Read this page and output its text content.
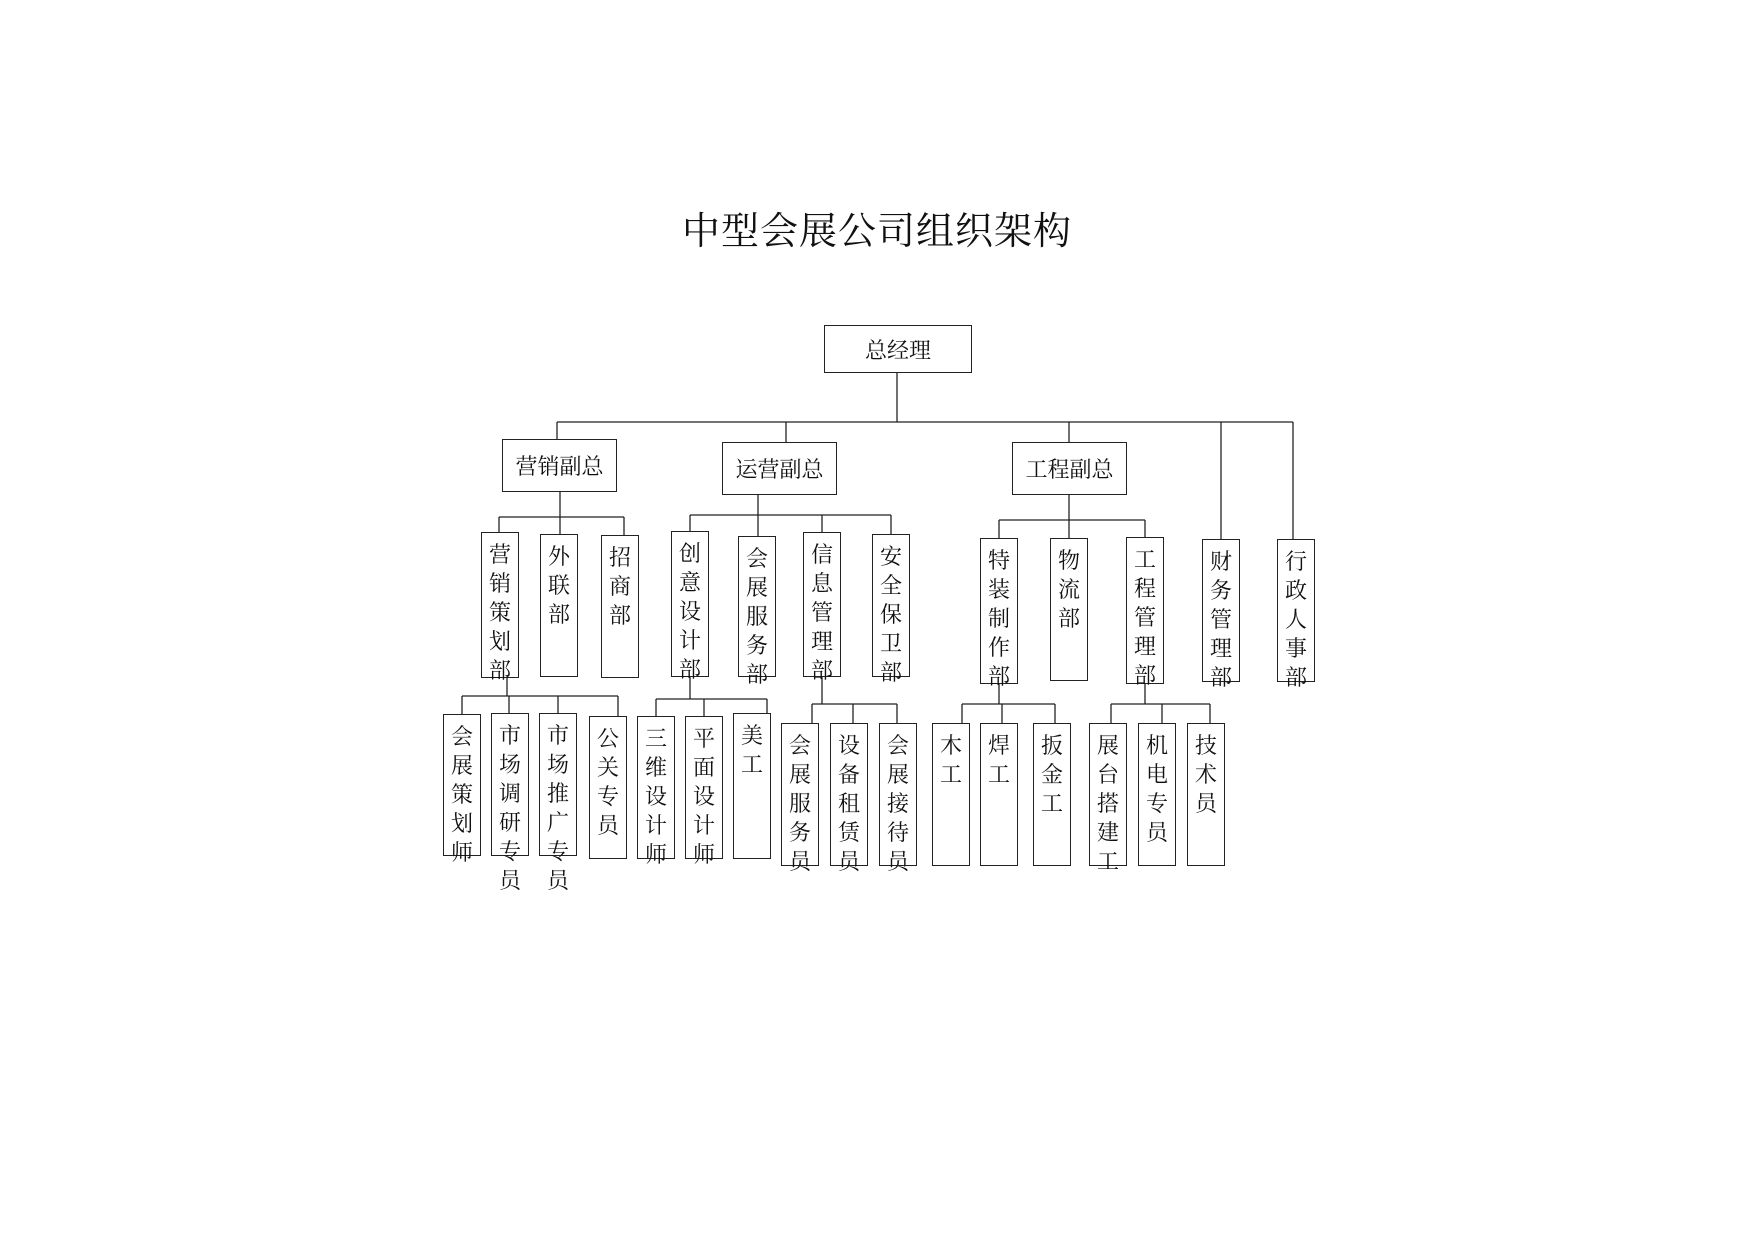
中型会展公司组织架构
总经理
营销副总	运营副总	工程副总
财
务
管
理
部
行
政
人
事
部
营
销
策
划
部
外
联
部
招
商
部
创
意
设
计
部
会
展
服
务
部
信
息
管
理
部
安
全
保
卫
部
特
装
制
作
部
物
流
部
工
程
管
理
部
会
展
策
划
师
市
场
调
研
专
员
市
场
推
广
专
员
公
关
专
员
三
维
设
计
师
平
面
设
计
师
美
工
会
展
服
务
员
设
备
租
赁
员
会
展
接
待
员
木
工
焊
工
扳
金
工
展
台
搭
建
工
机
电
专
员
技
术
员
